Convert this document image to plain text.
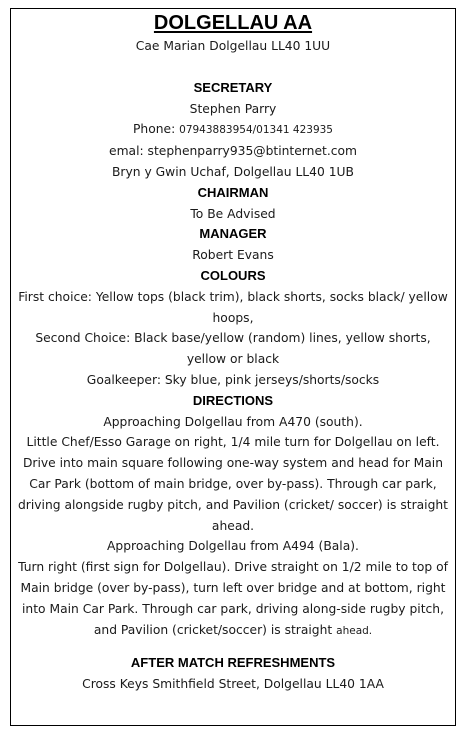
DOLGELLAU AA
Cae Marian Dolgellau LL40 1UU
SECRETARY
Stephen Parry
Phone: 07943883954/01341 423935
emal: stephenparry935@btinternet.com
Bryn y Gwin Uchaf, Dolgellau LL40 1UB
CHAIRMAN
To Be Advised
MANAGER
Robert Evans
COLOURS
First choice: Yellow tops (black trim), black shorts, socks black/ yellow hoops,
Second Choice: Black base/yellow (random) lines, yellow shorts, yellow or black
Goalkeeper: Sky blue, pink jerseys/shorts/socks
DIRECTIONS
Approaching Dolgellau from A470 (south).
Little Chef/Esso Garage on right, 1/4 mile turn for Dolgellau on left. Drive into main square following one-way system and head for Main Car Park (bottom of main bridge, over by-pass). Through car park, driving alongside rugby pitch, and Pavilion (cricket/ soccer) is straight ahead.
Approaching Dolgellau from A494 (Bala).
Turn right (first sign for Dolgellau). Drive straight on 1/2 mile to top of Main bridge (over by-pass), turn left over bridge and at bottom, right into Main Car Park. Through car park, driving along-side rugby pitch, and Pavilion (cricket/soccer) is straight ahead.
AFTER MATCH REFRESHMENTS
Cross Keys Smithfield Street, Dolgellau LL40 1AA
